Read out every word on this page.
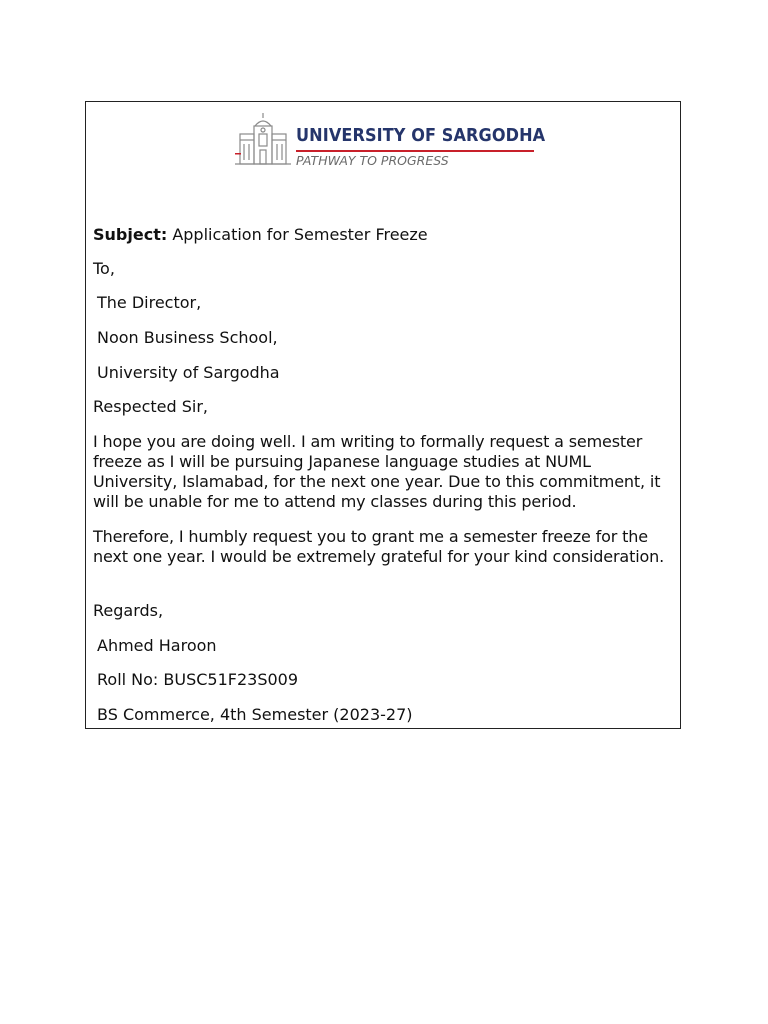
UNIVERSITY OF SARGODHA
PATHWAY TO PROGRESS

Subject: Application for Semester Freeze

To,

The Director,

Noon Business School,

University of Sargodha

Respected Sir,

I hope you are doing well. I am writing to formally request a semester freeze as I will be pursuing Japanese language studies at NUML University, Islamabad, for the next one year. Due to this commitment, it will be unable for me to attend my classes during this period.

Therefore, I humbly request you to grant me a semester freeze for the next one year. I would be extremely grateful for your kind consideration.

Regards,

Ahmed Haroon

Roll No: BUSC51F23S009

BS Commerce, 4th Semester (2023-27)
